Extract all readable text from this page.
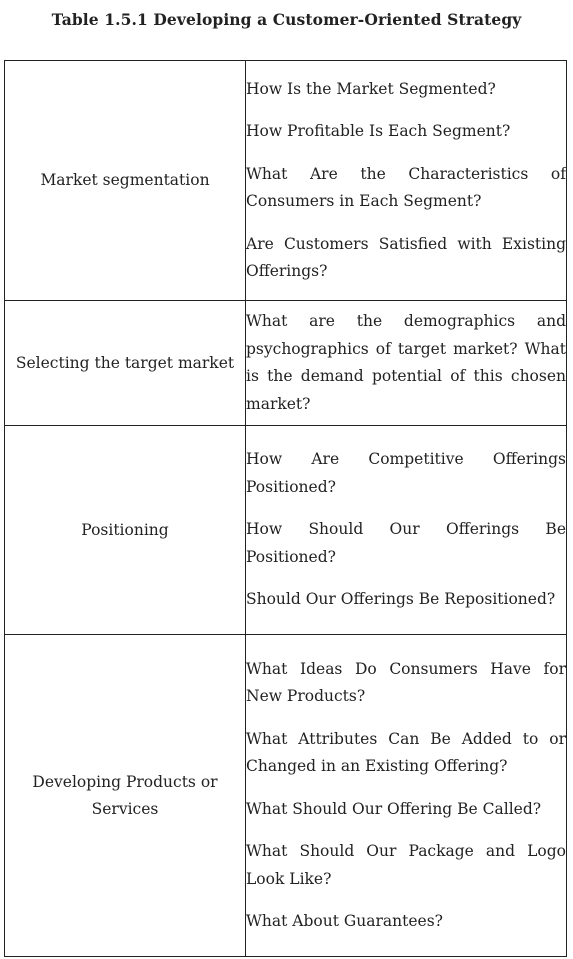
Table 1.5.1 Developing a Customer-Oriented Strategy
Market segmentation	How Is the Market Segmented?

How Profitable Is Each Segment?

What Are the Characteristics of Consumers in Each Segment?

Are Customers Satisfied with Existing Offerings?

Selecting the target market	What are the demographics and psychographics of target market? What is the demand potential of this chosen market?

Positioning	How Are Competitive Offerings Positioned?

How Should Our Offerings Be Positioned?

Should Our Offerings Be Repositioned?

Developing Products or Services	What Ideas Do Consumers Have for New Products?

What Attributes Can Be Added to or Changed in an Existing Offering?

What Should Our Offering Be Called?

What Should Our Package and Logo Look Like?

What About Guarantees?
